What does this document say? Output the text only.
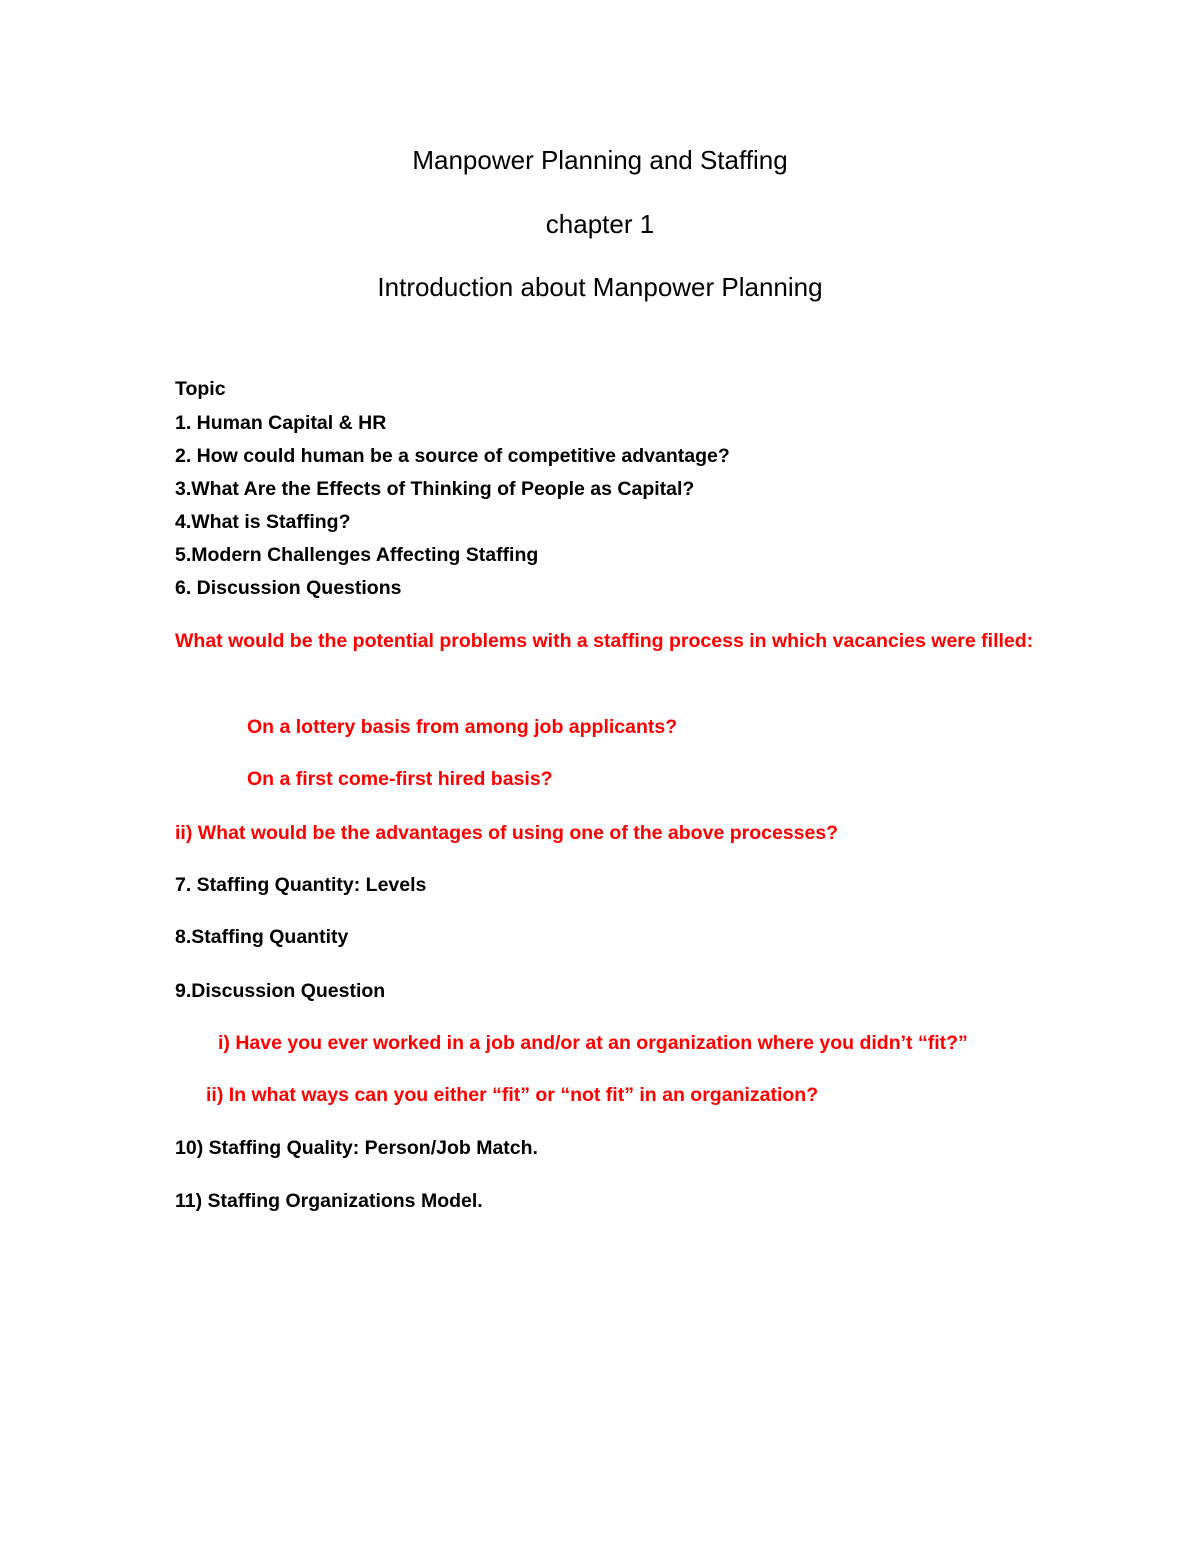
Manpower Planning and Staffing
chapter 1
Introduction about Manpower Planning

Topic

1. Human Capital & HR

2. How could human be a source of competitive advantage?

3.What Are the Effects of Thinking of People as Capital?

4.What is Staffing?

5.Modern Challenges Affecting Staffing

6. Discussion Questions

What would be the potential problems with a staffing process in which vacancies were filled:

On a lottery basis from among job applicants?

On a first come-first hired basis?

ii) What would be the advantages of using one of the above processes?

7. Staffing Quantity: Levels

8.Staffing Quantity

9.Discussion Question

i) Have you ever worked in a job and/or at an organization where you didn’t “fit?”

ii) In what ways can you either “fit” or “not fit” in an organization?

10) Staffing Quality: Person/Job Match.

11) Staffing Organizations Model.
